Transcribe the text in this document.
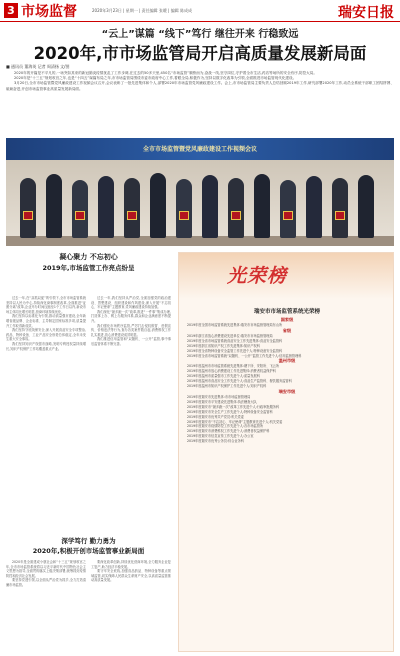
3 市场监督	2020年3月23日 | 星期一 | 责任编辑 张暖 | 编辑 陈成成	瑞安日报
“云上”谋篇 “线下”笃行 继往开来 行稳致远
2020年,市市场监管局开启高质量发展新局面
■ 通讯员 董海英 记者 周清扬 文/图

2020年的开篇是不平凡的,一场突如其来的新冠肺炎疫情扰乱了工作步调,在过去的50多天里,450名“市场监管”顺势而为,奋战一线,坚守岗位,守护着全市生活,药店等场所的安全有序,防控大局。

2020年是“十三五”规划收官之年,也是“十四五”谋篇布局之年,市市场监管局围绕市委市政府中心工作,着眼全局,积极作为,坚持以数字化改革为引领,全面推进市场监管现代化建设。

3月20日,全市市场监管暨党风廉政建设工作视频会议召开,会议表彰了一批先进集体和个人,部署2020年市场监管党风廉政建设工作。会上,市市场监管局主要负责人总结回顾2019年工作,研究部署2020年工作,动员全系统干部职工团结拼搏、砥砺奋进,开创市场监管事业高质量发展新局面。

全市市场监管暨党风廉政建设工作视频会议
凝心聚力 不忘初心
2019年,市场监管工作亮点纷呈

过去一年,在“双抓双促”的引领下,全市市场监管系统坚持以人民为中心,持续深化商事制度改革,全面推进“证照分离”改革,企业开办时间压缩至1个工作日以内,新设市场主体同比增长明显,营商环境持续优化。

我们坚持以标准化为引领,推动质量强市建设,全年新增省级品牌、企业标准、主导制定国家标准多项,质量提升工作取得新成效。

我们坚持守底线保安全,深入开展食品安全专项整治,药品、特种设备、工业产品安全形势总体稳定,全年未发生重大安全事故。

我们坚持知识产权强市战略,发明专利授权量持续增长,知识产权保护工作站覆盖重点产业。

过去一年,我们坚持从严治党,全面加强党的政治建设、思想建设、组织建设和作风建设,深入开展“不忘初心、牢记使命”主题教育,党风廉政建设持续加强。

我们深化“最多跑一次”改革,推进“一件事”集成办理,打造掌上办、网上办服务体系,群众和企业满意度不断提升。

我们强化市场秩序监管,严厉打击侵权假冒、虚假宣传、价格违法等行为,查办各类案件数百起,消费维权工作扎实推进,放心消费建设成效明显。

我们推进信用监管和“双随机、一公开”监管,事中事后监管体系不断完善。

深学笃行 勤力勇为
2020年,积极开创市场监管事业新局面

2020年是全面建成小康社会和“十三五”规划收官之年,全市市场监管系统将以习近平新时代中国特色社会主义思想为指导,全面贯彻落实上级决策部署,统筹抓好疫情防控和经济社会发展。

要坚持党建引领,以全面从严治党为抓手,全力打造清廉市场监管。

要深化改革创新,持续优化营商环境,全力服务企业复工复产,助力经济平稳发展。

要守牢安全底线,加强食品药品、特种设备等重点领域监管,切实保障人民群众生命财产安全,以高质量监管推动高质量发展。

光荣榜
瑞安市市场监管系统光荣榜
国家级
2019年度全国市场监管系统先进集体:瑞安市市场监督管理局东山所
省级
2019年浙江省放心消费建设先进单位:瑞安市市场监督管理局
2019年度全省市场监管系统食品安全工作先进集体:食品安全监管科
2019年度浙江省知识产权工作先进集体:知识产权科
2019年度全省特种设备安全监管工作先进个人:特种设备安全监管科
2019年度全省市场监管系统“双随机、一公开”监管工作先进个人:信用监督管理科
温州市级
2019年度温州市市场监管系统先进集体:塘下所、安阳所、飞云所
2019年度温州市放心消费建设工作先进集体:消费者权益保护科
2019年度温州市质量强市工作先进个人:质量发展科
2019年度温州市食品安全工作先进个人:食品生产监管科、餐饮服务监管科
2019年度温州市知识产权保护工作先进个人:知识产权科
瑞安市级
2019年度瑞安市先进集体:市市场监督管理局
2019年度瑞安市平安建设先进集体:执法稽查大队
2019年度瑞安市“最多跑一次”改革工作先进个人:行政审批服务科
2019年度瑞安市安全生产工作先进个人:特种设备安全监管科
2019年度瑞安市优秀共产党员:机关党委
2019年度瑞安市“不忘初心、牢记使命”主题教育先进个人:机关党委
2019年度瑞安市疫情防控工作先进个人:各市场监管所
2019年度瑞安市消费维权工作先进个人:消费者权益保护科
2019年度瑞安市信息宣传工作先进个人:办公室
2019年度瑞安市优秀公务员:综合业务科
